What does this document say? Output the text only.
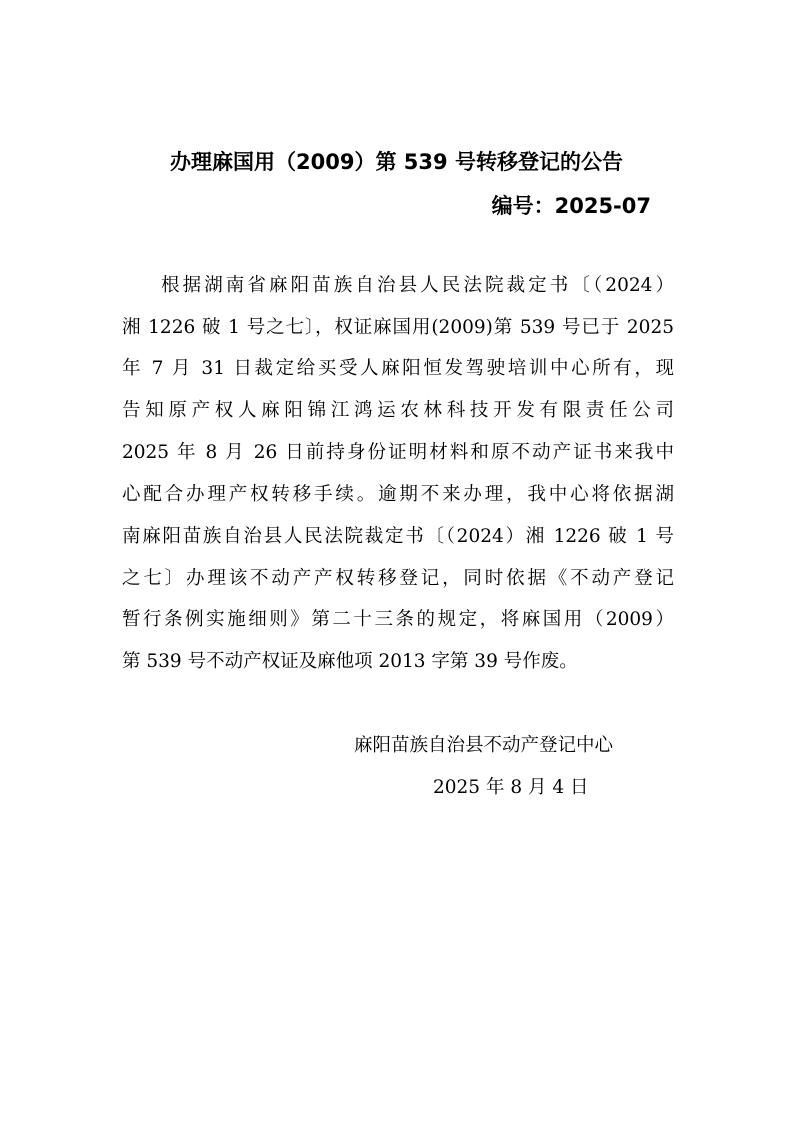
办理麻国用（2009）第 539 号转移登记的公告
编号：2025-07
根据湖南省麻阳苗族自治县人民法院裁定书〔（2024）
湘 1226 破 1 号之七〕，权证麻国用(2009)第 539 号已于 2025
年 7 月 31 日裁定给买受人麻阳恒发驾驶培训中心所有，现
告知原产权人麻阳锦江鸿运农林科技开发有限责任公司
2025 年 8 月 26 日前持身份证明材料和原不动产证书来我中
心配合办理产权转移手续。逾期不来办理，我中心将依据湖
南麻阳苗族自治县人民法院裁定书〔（2024）湘 1226 破 1 号
之七〕办理该不动产产权转移登记，同时依据《不动产登记
暂行条例实施细则》第二十三条的规定，将麻国用（2009）
第 539 号不动产权证及麻他项 2013 字第 39 号作废。
麻阳苗族自治县不动产登记中心
2025 年 8 月 4 日
